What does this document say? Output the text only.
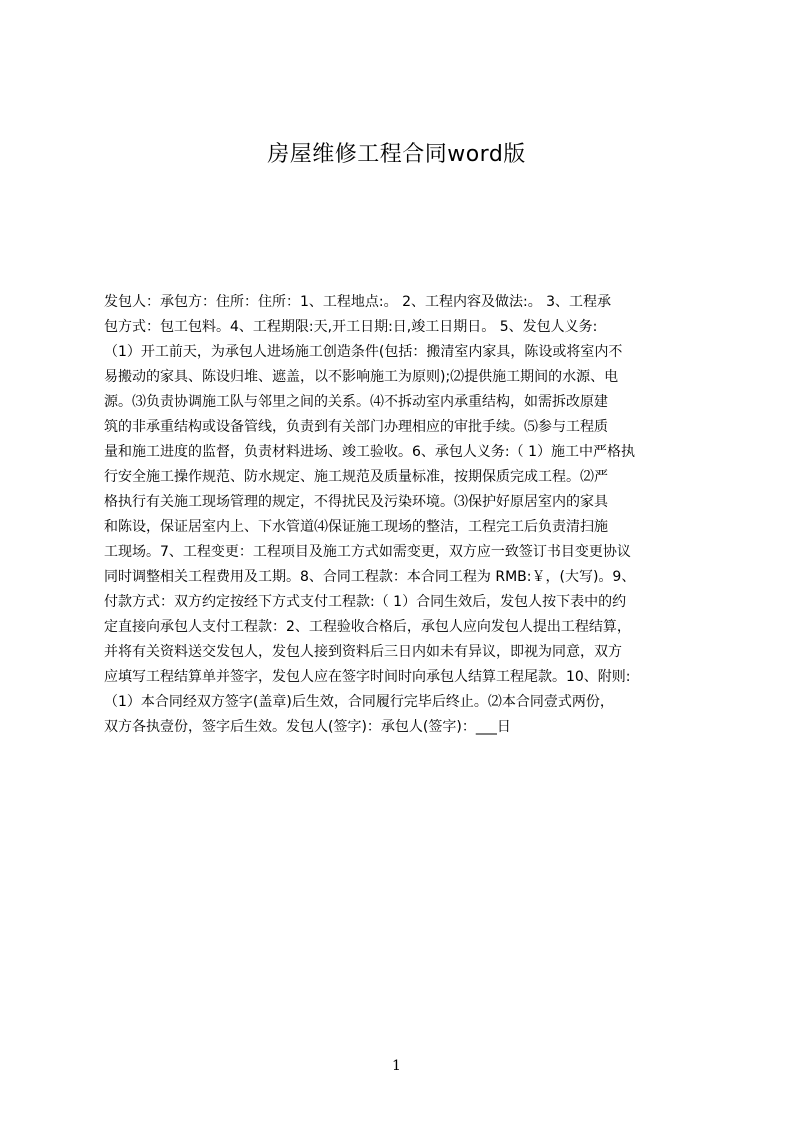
房屋维修工程合同word版
发包人：承包方：住所：住所：1、工程地点:。 2、工程内容及做法:。 3、工程承
包方式：包工包料。4、工程期限:天,开工日期:日,竣工日期日。 5、发包人义务:
（1）开工前天，为承包人进场施工创造条件(包括：搬清室内家具，陈设或将室内不
易搬动的家具、陈设归堆、遮盖，以不影响施工为原则);⑵提供施工期间的水源、电
源。⑶负责协调施工队与邻里之间的关系。⑷不拆动室内承重结构，如需拆改原建
筑的非承重结构或设备管线，负责到有关部门办理相应的审批手续。⑸参与工程质
量和施工进度的监督，负责材料进场、竣工验收。6、承包人义务:（ 1）施工中严格执
行安全施工操作规范、防水规定、施工规范及质量标准，按期保质完成工程。⑵严
格执行有关施工现场管理的规定，不得扰民及污染环境。⑶保护好原居室内的家具
和陈设，保证居室内上、下水管道⑷保证施工现场的整洁，工程完工后负责清扫施
工现场。7、工程变更：工程项目及施工方式如需变更，双方应一致签订书目变更协议
同时调整相关工程费用及工期。8、合同工程款：本合同工程为 RMB:￥，(大写)。9、
付款方式：双方约定按经下方式支付工程款:（ 1）合同生效后，发包人按下表中的约
定直接向承包人支付工程款：2、工程验收合格后，承包人应向发包人提出工程结算，
并将有关资料送交发包人，发包人接到资料后三日内如未有异议，即视为同意，双方
应填写工程结算单并签字，发包人应在签字时间时向承包人结算工程尾款。10、附则:
（1）本合同经双方签字(盖章)后生效，合同履行完毕后终止。⑵本合同壹式两份，
双方各执壹份，签字后生效。发包人(签字)：承包人(签字)：___日
1
